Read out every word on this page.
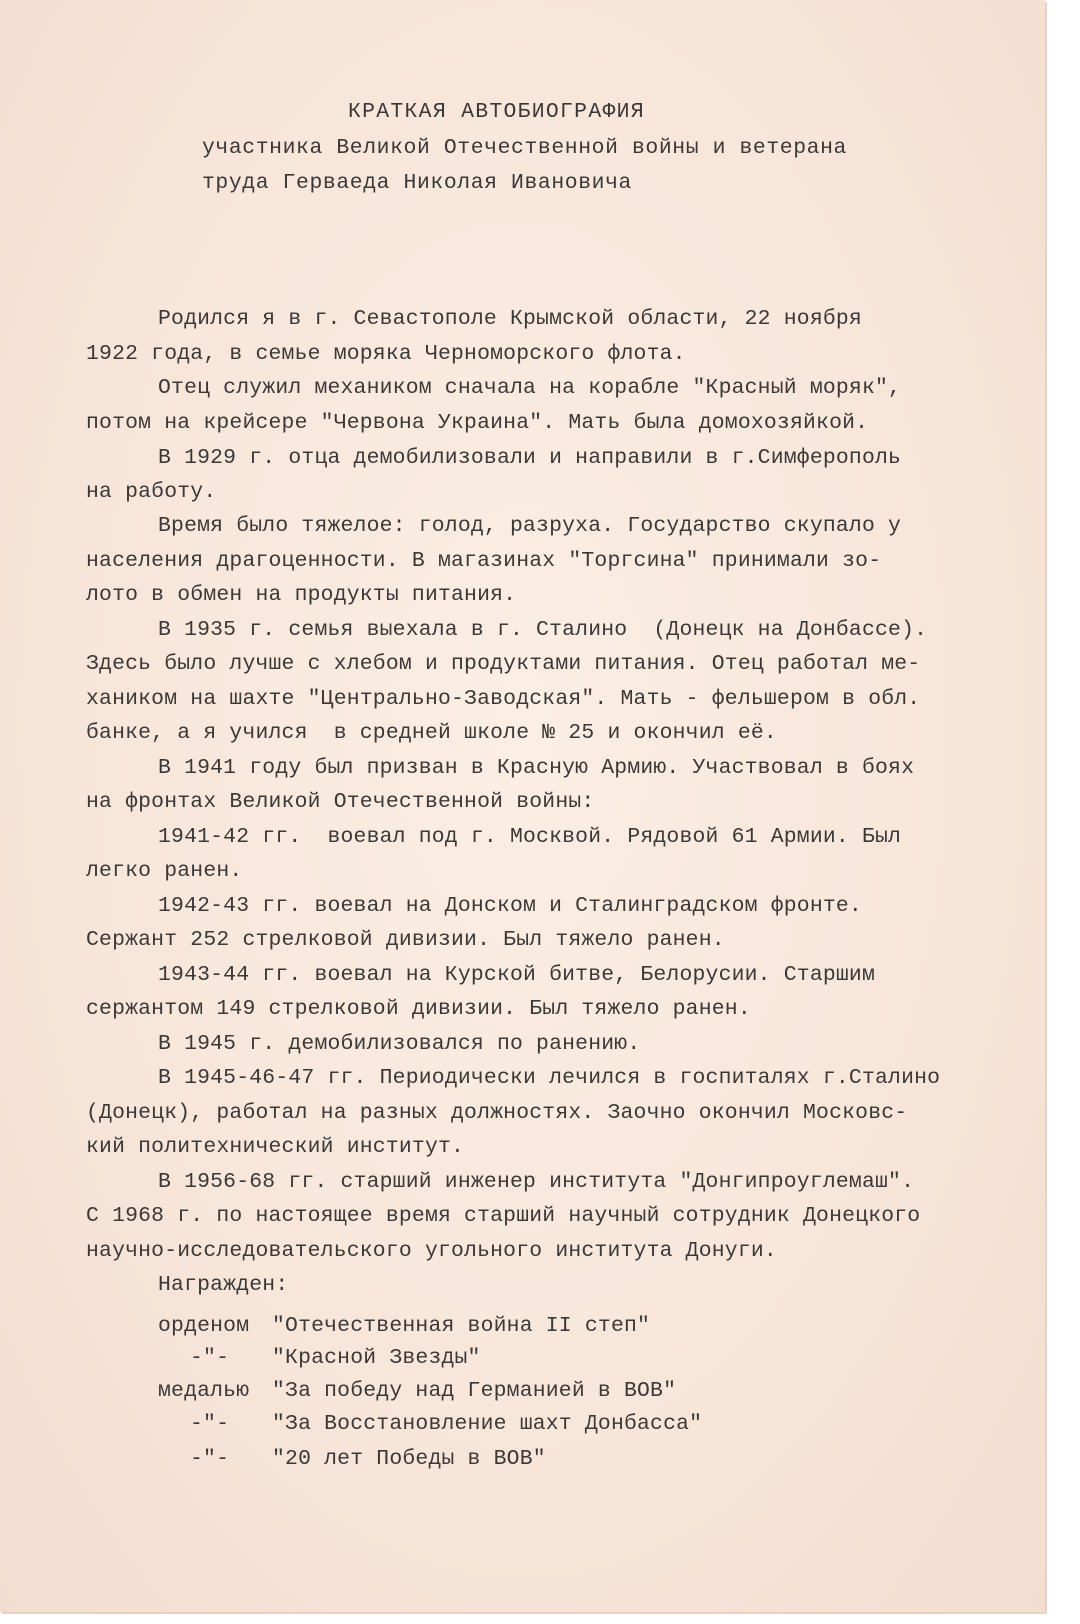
КРАТКАЯ АВТОБИОГРАФИЯ

участника Великой Отечественной войны и ветерана

труда Герваеда Николая Ивановича

Родился я в г. Севастополе Крымской области, 22 ноября

1922 года, в семье моряка Черноморского флота.

Отец служил механиком сначала на корабле "Красный моряк",

потом на крейсере "Червона Украина". Мать была домохозяйкой.

В 1929 г. отца демобилизовали и направили в г.Симферополь

на работу.

Время было тяжелое: голод, разруха. Государство скупало у

населения драгоценности. В магазинах "Торгсина" принимали зо-

лото в обмен на продукты питания.

В 1935 г. семья выехала в г. Сталино  (Донецк на Донбассе).

Здесь было лучше с хлебом и продуктами питания. Отец работал ме-

хаником на шахте "Центрально-Заводская". Мать - фельшером в обл.

банке, а я учился  в средней школе № 25 и окончил её.

В 1941 году был призван в Красную Армию. Участвовал в боях

на фронтах Великой Отечественной войны:

1941-42 гг.  воевал под г. Москвой. Рядовой 61 Армии. Был

легко ранен.

1942-43 гг. воевал на Донском и Сталинградском фронте.

Сержант 252 стрелковой дивизии. Был тяжело ранен.

1943-44 гг. воевал на Курской битве, Белорусии. Старшим

сержантом 149 стрелковой дивизии. Был тяжело ранен.

В 1945 г. демобилизовался по ранению.

В 1945-46-47 гг. Периодически лечился в госпиталях г.Сталино

(Донецк), работал на разных должностях. Заочно окончил Московс-

кий политехнический институт.

В 1956-68 гг. старший инженер института "Донгипроуглемаш".

С 1968 г. по настоящее время старший научный сотрудник Донецкого

научно-исследовательского угольного института Донуги.

Награжден:

орденом "Отечественная война II степ"

-"- "Красной Звезды"

медалью "За победу над Германией в ВОВ"

-"- "За Восстановление шахт Донбасса"

-"- "20 лет Победы в ВОВ"
